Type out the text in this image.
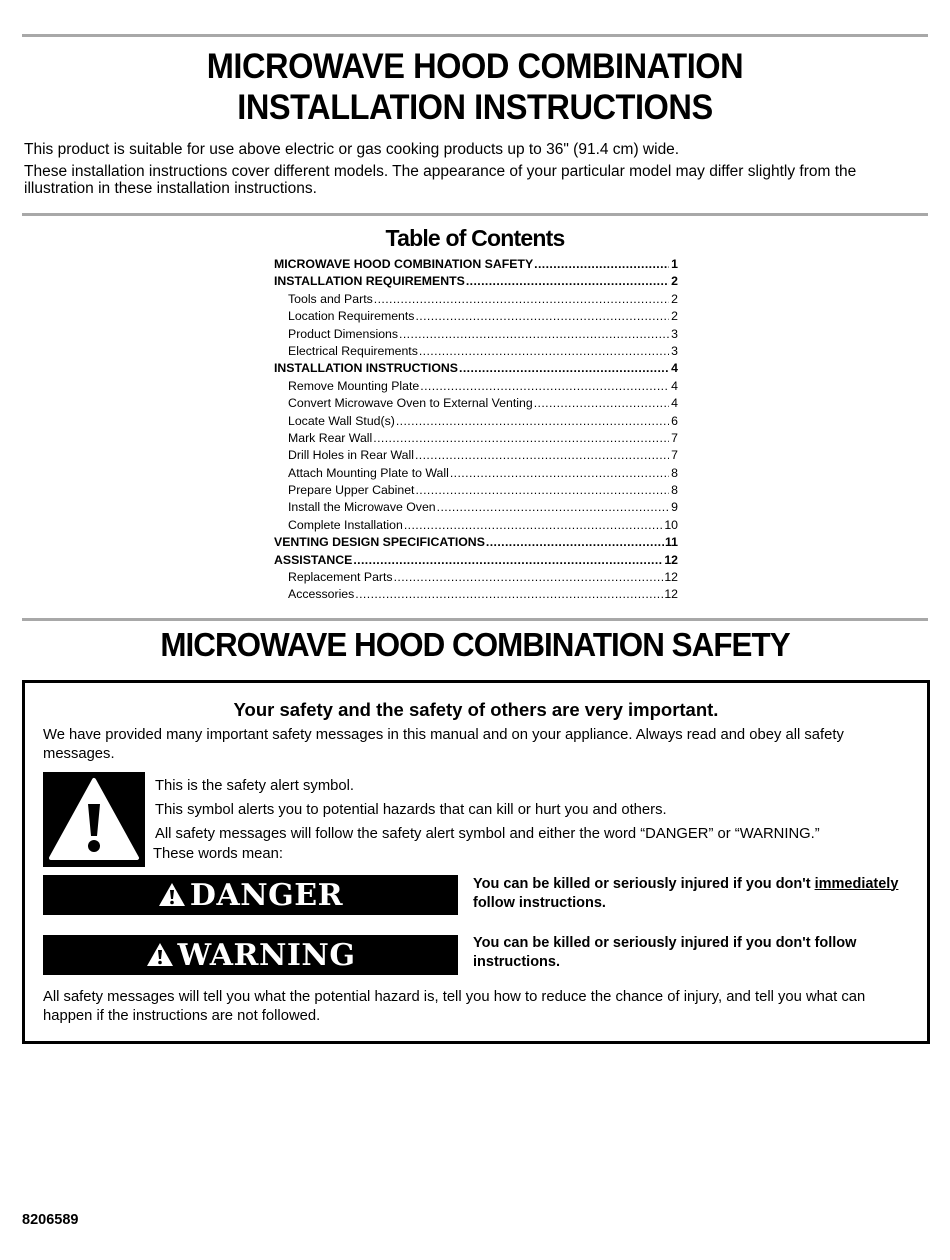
MICROWAVE HOOD COMBINATION
INSTALLATION INSTRUCTIONS
This product is suitable for use above electric or gas cooking products up to 36" (91.4 cm) wide.
These installation instructions cover different models. The appearance of your particular model may differ slightly from the illustration in these installation instructions.
Table of Contents
MICROWAVE HOOD COMBINATION SAFETY .....	1
INSTALLATION REQUIREMENTS .....	2
Tools and Parts .....	2
Location Requirements .....	2
Product Dimensions .....	3
Electrical Requirements .....	3
INSTALLATION INSTRUCTIONS .....	4
Remove Mounting Plate .....	4
Convert Microwave Oven to External Venting .....	4
Locate Wall Stud(s) .....	6
Mark Rear Wall .....	7
Drill Holes in Rear Wall .....	7
Attach Mounting Plate to Wall .....	8
Prepare Upper Cabinet .....	8
Install the Microwave Oven .....	9
Complete Installation .....	10
VENTING DESIGN SPECIFICATIONS .....	11
ASSISTANCE .....	12
Replacement Parts .....	12
Accessories .....	12
MICROWAVE HOOD COMBINATION SAFETY
Your safety and the safety of others are very important.
We have provided many important safety messages in this manual and on your appliance. Always read and obey all safety messages.
This is the safety alert symbol.
This symbol alerts you to potential hazards that can kill or hurt you and others.
All safety messages will follow the safety alert symbol and either the word “DANGER” or “WARNING.”
These words mean:
DANGER	You can be killed or seriously injured if you don't immediately
follow instructions.
WARNING	You can be killed or seriously injured if you don't follow instructions.
All safety messages will tell you what the potential hazard is, tell you how to reduce the chance of injury, and tell you what can happen if the instructions are not followed.
8206589
